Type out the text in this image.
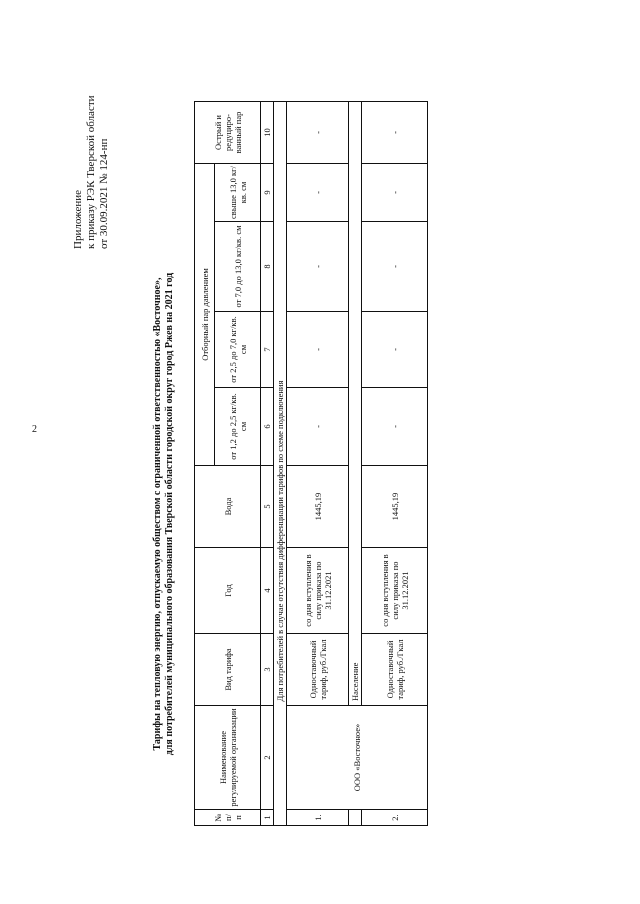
2
Приложение к приказу РЭК Тверской области от 30.09.2021 № 124-нп
Тарифы на тепловую энергию, отпускаемую обществом с ограниченной ответственностью «Восточное», для потребителей муниципального образования Тверской области городской округ город Ржев на 2021 год
№ п/ п	Наименование регулируемой организации	Вид тарифа	Год	Вода	Отборный пар давлением				Острый и редуциро-ванный пар
					от 1,2 до 2,5 кг/кв. см	от 2,5 до 7,0 кг/кв. см	от 7,0 до 13,0 кг/кв. см	свыше 13,0 кг/кв. см	
1	2	3	4	5	6	7	8	9	10
		Для потребителей в случае отсутствия дифференциации тарифов по схеме подключения							
1.	ООО «Восточное»	Одноставочный тариф, руб./Гкал	со дня вступления в силу приказа по 31.12.2021	1445,19	-	-	-	-	-
		Население							
2.		Одноставочный тариф, руб./Гкал	со дня вступления в силу приказа по 31.12.2021	1445,19	-	-	-	-	-
